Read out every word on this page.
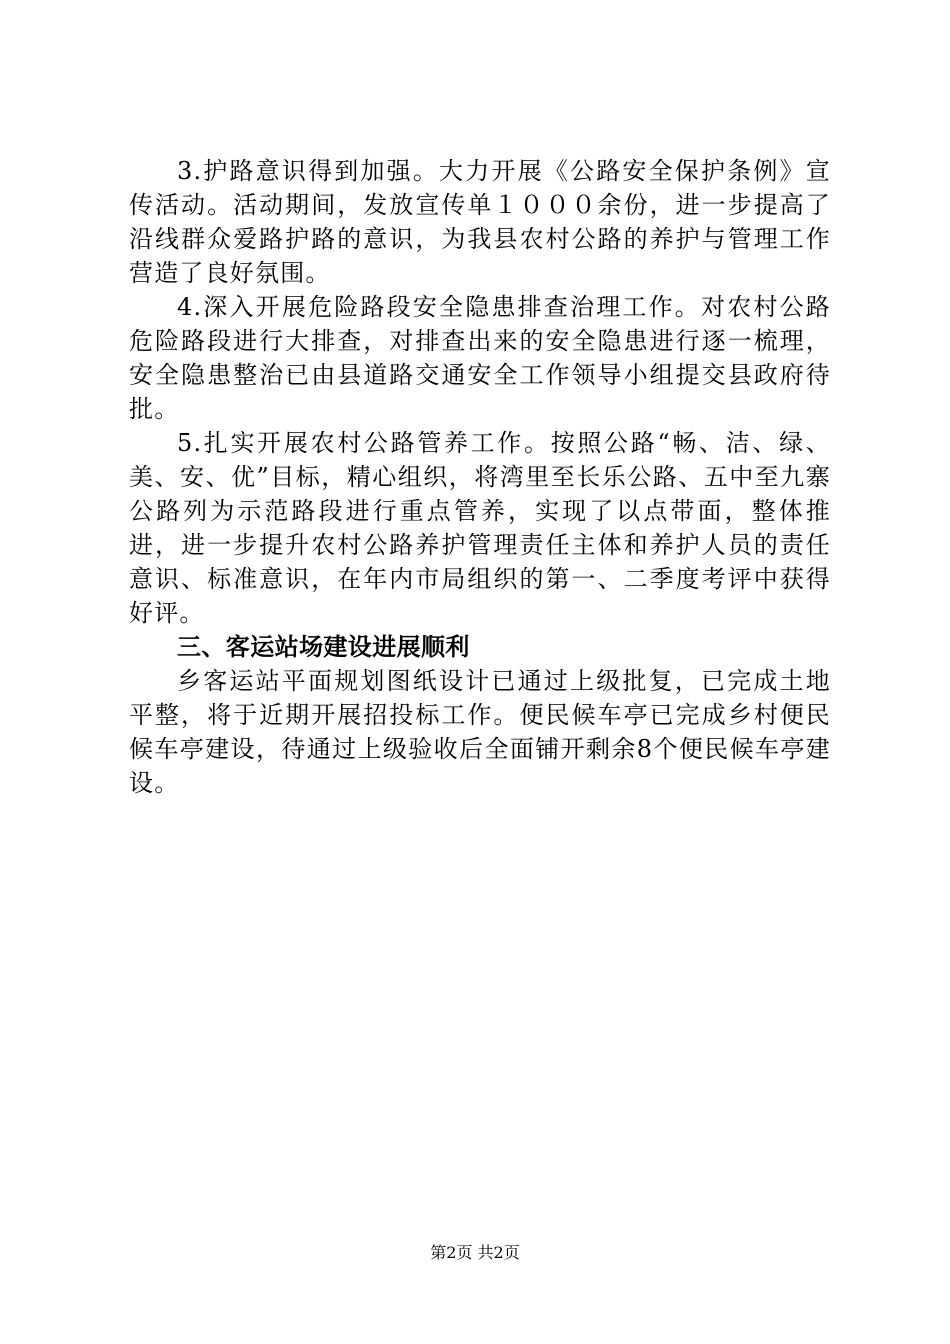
3.护路意识得到加强。大力开展《公路安全保护条例》宣传活动。活动期间，发放宣传单１０００余份，进一步提高了沿线群众爱路护路的意识，为我县农村公路的养护与管理工作营造了良好氛围。

4.深入开展危险路段安全隐患排查治理工作。对农村公路危险路段进行大排查，对排查出来的安全隐患进行逐一梳理，安全隐患整治已由县道路交通安全工作领导小组提交县政府待批。

5.扎实开展农村公路管养工作。按照公路“畅、洁、绿、美、安、优”目标，精心组织，将湾里至长乐公路、五中至九寨公路列为示范路段进行重点管养，实现了以点带面，整体推进，进一步提升农村公路养护管理责任主体和养护人员的责任意识、标准意识，在年内市局组织的第一、二季度考评中获得好评。

三、客运站场建设进展顺利

乡客运站平面规划图纸设计已通过上级批复，已完成土地平整，将于近期开展招投标工作。便民候车亭已完成乡村便民候车亭建设，待通过上级验收后全面铺开剩余8个便民候车亭建设。

第2页 共2页
